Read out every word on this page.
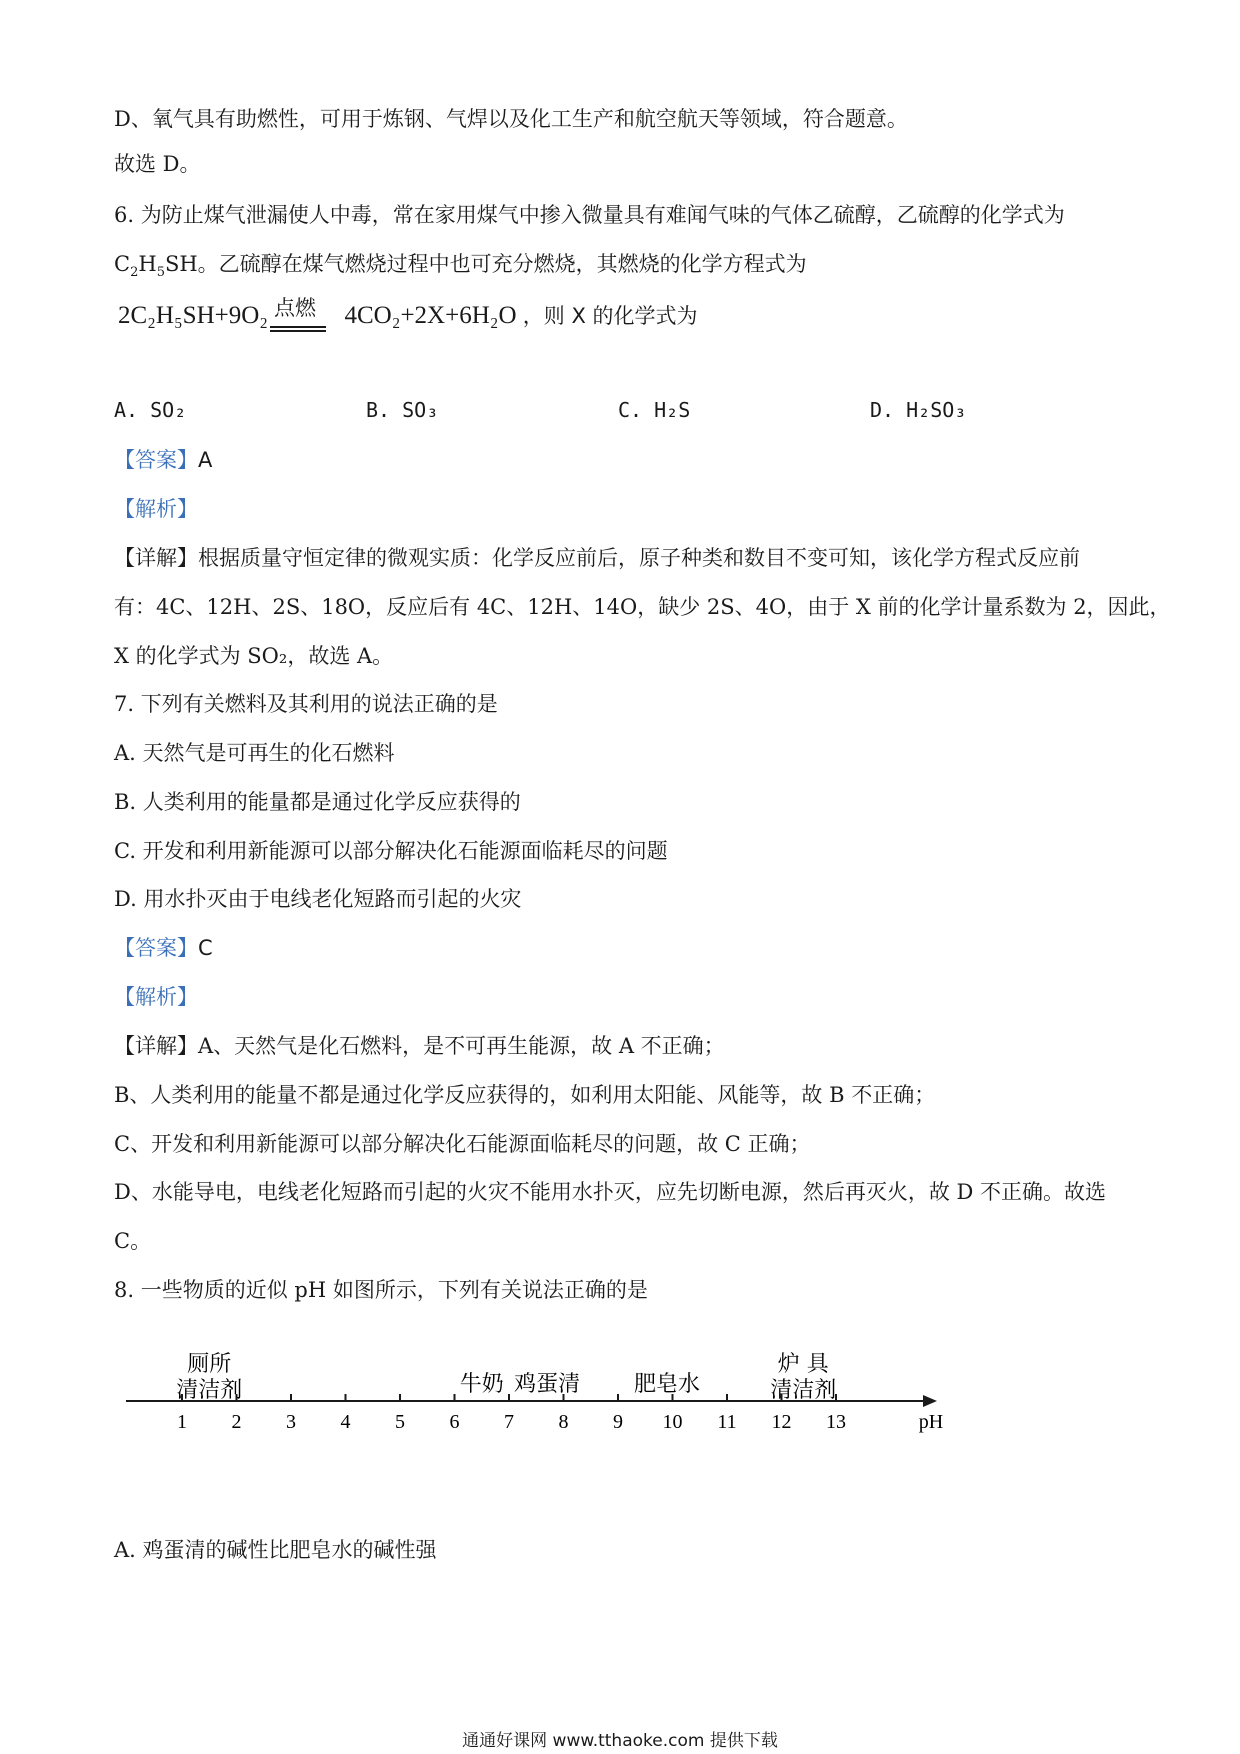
D、氧气具有助燃性，可用于炼钢、气焊以及化工生产和航空航天等领域，符合题意。
故选 D。
6. 为防止煤气泄漏使人中毒，常在家用煤气中掺入微量具有难闻气味的气体乙硫醇，乙硫醇的化学式为
$C_2H_5SH$。乙硫醇在煤气燃烧过程中也可充分燃烧，其燃烧的化学方程式为
2C₂H₅SH+9O₂	4CO₂+2X+6H₂O ，则 X 的化学式为
点燃
A. SO₂	B. SO₃	C. H₂S	D. H₂SO₃
【答案】A
【解析】
【详解】根据质量守恒定律的微观实质：化学反应前后，原子种类和数目不变可知，该化学方程式反应前
有：4C、12H、2S、18O，反应后有 4C、12H、14O，缺少 2S、4O，由于 X 前的化学计量系数为 2，因此，
X 的化学式为 SO₂，故选 A。
7. 下列有关燃料及其利用的说法正确的是
A. 天然气是可再生的化石燃料
B. 人类利用的能量都是通过化学反应获得的
C. 开发和利用新能源可以部分解决化石能源面临耗尽的问题
D. 用水扑灭由于电线老化短路而引起的火灾
【答案】C
【解析】
【详解】A、天然气是化石燃料，是不可再生能源，故 A 不正确；
B、人类利用的能量不都是通过化学反应获得的，如利用太阳能、风能等，故 B 不正确；
C、开发和利用新能源可以部分解决化石能源面临耗尽的问题，故 C 正确；
D、水能导电，电线老化短路而引起的火灾不能用水扑灭，应先切断电源，然后再灭火，故 D 不正确。故选
C。
8. 一些物质的近似 pH 如图所示，下列有关说法正确的是
1 2 3 4 5 6 7 8 9 10 11 12 13	pH
厕所
清洁剂	牛奶 鸡蛋清 肥皂水
炉 具
清洁剂
A. 鸡蛋清的碱性比肥皂水的碱性强
通通好课网 www.tthaoke.com 提供下载
